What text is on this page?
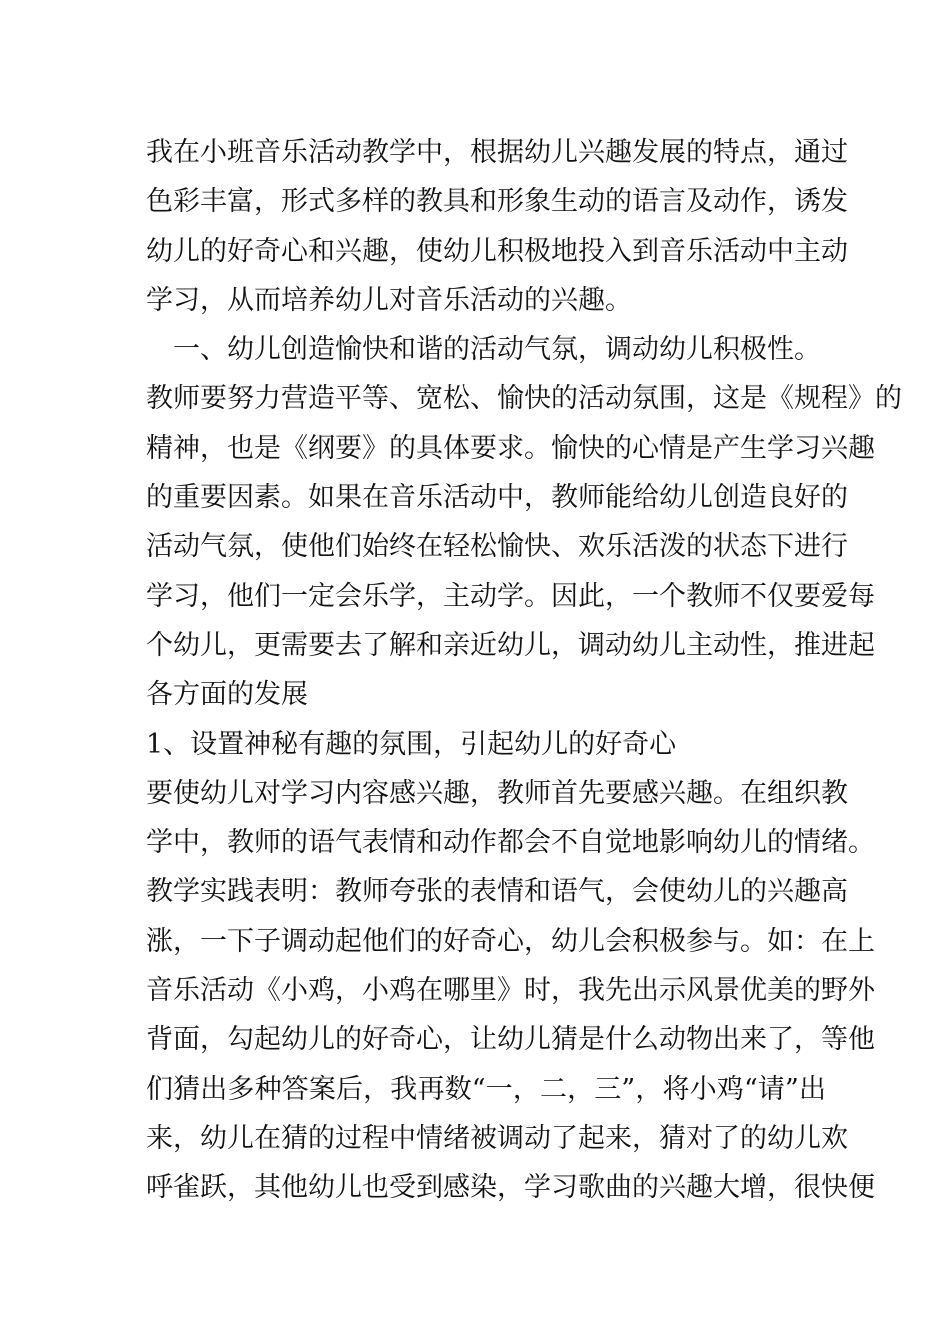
我在小班音乐活动教学中，根据幼儿兴趣发展的特点，通过
色彩丰富，形式多样的教具和形象生动的语言及动作，诱发
幼儿的好奇心和兴趣，使幼儿积极地投入到音乐活动中主动
学习，从而培养幼儿对音乐活动的兴趣。
一、幼儿创造愉快和谐的活动气氛，调动幼儿积极性。
教师要努力营造平等、宽松、愉快的活动氛围，这是《规程》的
精神，也是《纲要》的具体要求。愉快的心情是产生学习兴趣
的重要因素。如果在音乐活动中，教师能给幼儿创造良好的
活动气氛，使他们始终在轻松愉快、欢乐活泼的状态下进行
学习，他们一定会乐学，主动学。因此，一个教师不仅要爱每
个幼儿，更需要去了解和亲近幼儿，调动幼儿主动性，推进起
各方面的发展
1、设置神秘有趣的氛围，引起幼儿的好奇心
要使幼儿对学习内容感兴趣，教师首先要感兴趣。在组织教
学中，教师的语气表情和动作都会不自觉地影响幼儿的情绪。
教学实践表明：教师夸张的表情和语气，会使幼儿的兴趣高
涨，一下子调动起他们的好奇心，幼儿会积极参与。如：在上
音乐活动《小鸡，小鸡在哪里》时，我先出示风景优美的野外
背面，勾起幼儿的好奇心，让幼儿猜是什么动物出来了，等他
们猜出多种答案后，我再数“一，二，三”，将小鸡“请”出
来，幼儿在猜的过程中情绪被调动了起来，猜对了的幼儿欢
呼雀跃，其他幼儿也受到感染，学习歌曲的兴趣大增，很快便
